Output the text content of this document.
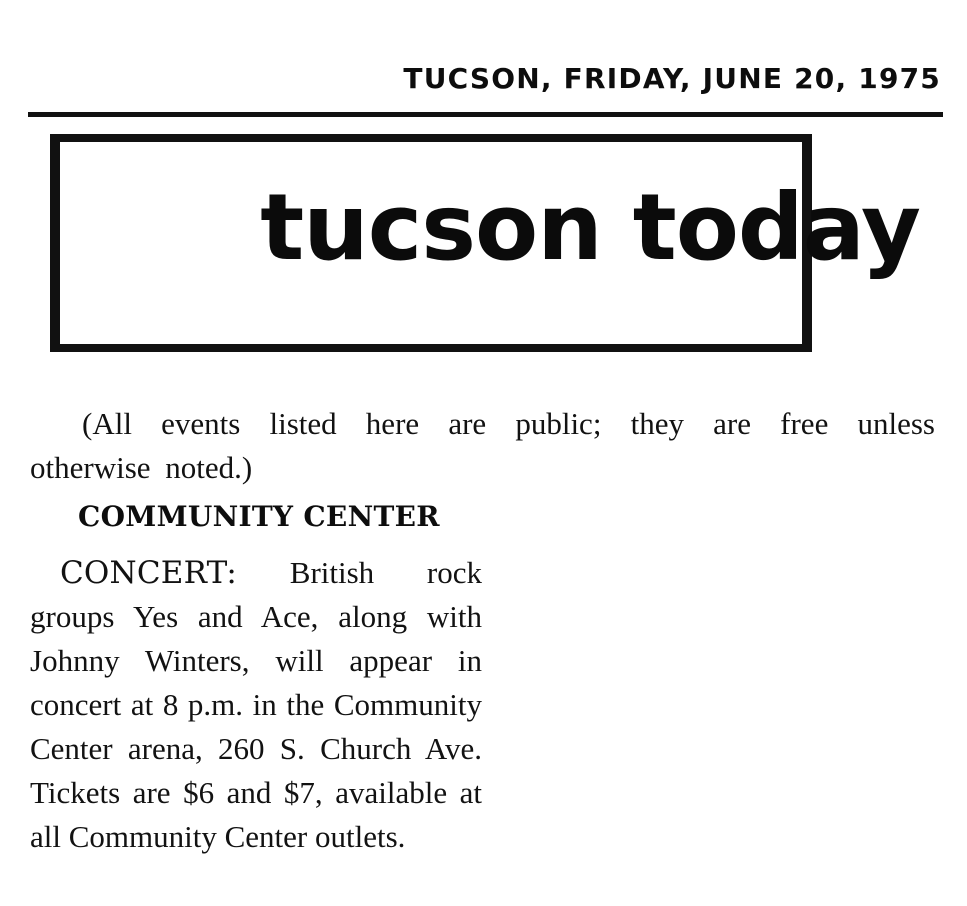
TUCSON, FRIDAY, JUNE 20, 1975
tucson today
(All events listed here are public; they are free unless otherwise noted.)
COMMUNITY CENTER

CONCERT: British rock groups Yes and Ace, along with Johnny Winters, will appear in concert at 8 p.m. in the Community Center arena, 260 S. Church Ave. Tickets are $6 and $7, available at all Community Center outlets.
